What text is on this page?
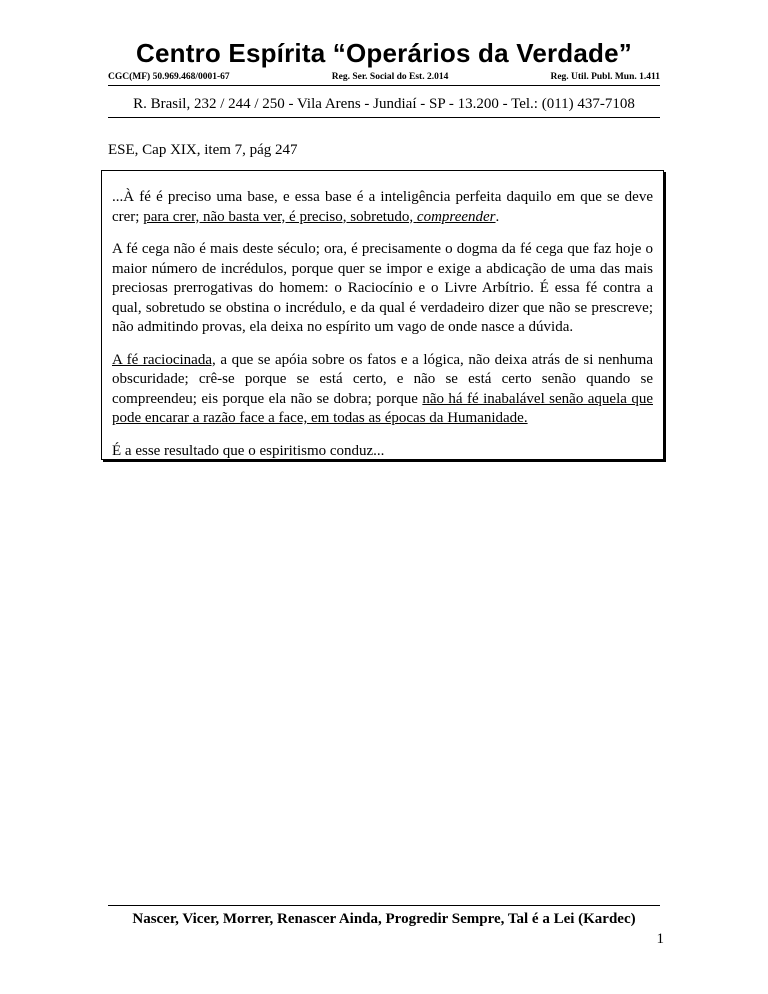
Centro Espírita “Operários da Verdade”
CGC(MF) 50.969.468/0001-67	Reg. Ser. Social do Est. 2.014	Reg. Util. Publ. Mun. 1.411
R. Brasil, 232 / 244 / 250 - Vila Arens - Jundiaí - SP - 13.200 - Tel.: (011) 437-7108
ESE, Cap XIX, item 7, pág 247

...À fé é preciso uma base, e essa base é a inteligência perfeita daquilo em que se deve crer; para crer, não basta ver, é preciso, sobretudo, compreender.

A fé cega não é mais deste século; ora, é precisamente o dogma da fé cega que faz hoje o maior número de incrédulos, porque quer se impor e exige a abdicação de uma das mais preciosas prerrogativas do homem: o Raciocínio e o Livre Arbítrio. É essa fé contra a qual, sobretudo se obstina o incrédulo, e da qual é verdadeiro dizer que não se prescreve; não admitindo provas, ela deixa no espírito um vago de onde nasce a dúvida.

A fé raciocinada, a que se apóia sobre os fatos e a lógica, não deixa atrás de si nenhuma obscuridade; crê-se porque se está certo, e não se está certo senão quando se compreendeu; eis porque ela não se dobra; porque não há fé inabalável senão aquela que pode encarar a razão face a face, em todas as épocas da Humanidade.

É a esse resultado que o espiritismo conduz...

Nascer, Vicer, Morrer, Renascer Ainda, Progredir Sempre, Tal é a Lei (Kardec)
1
